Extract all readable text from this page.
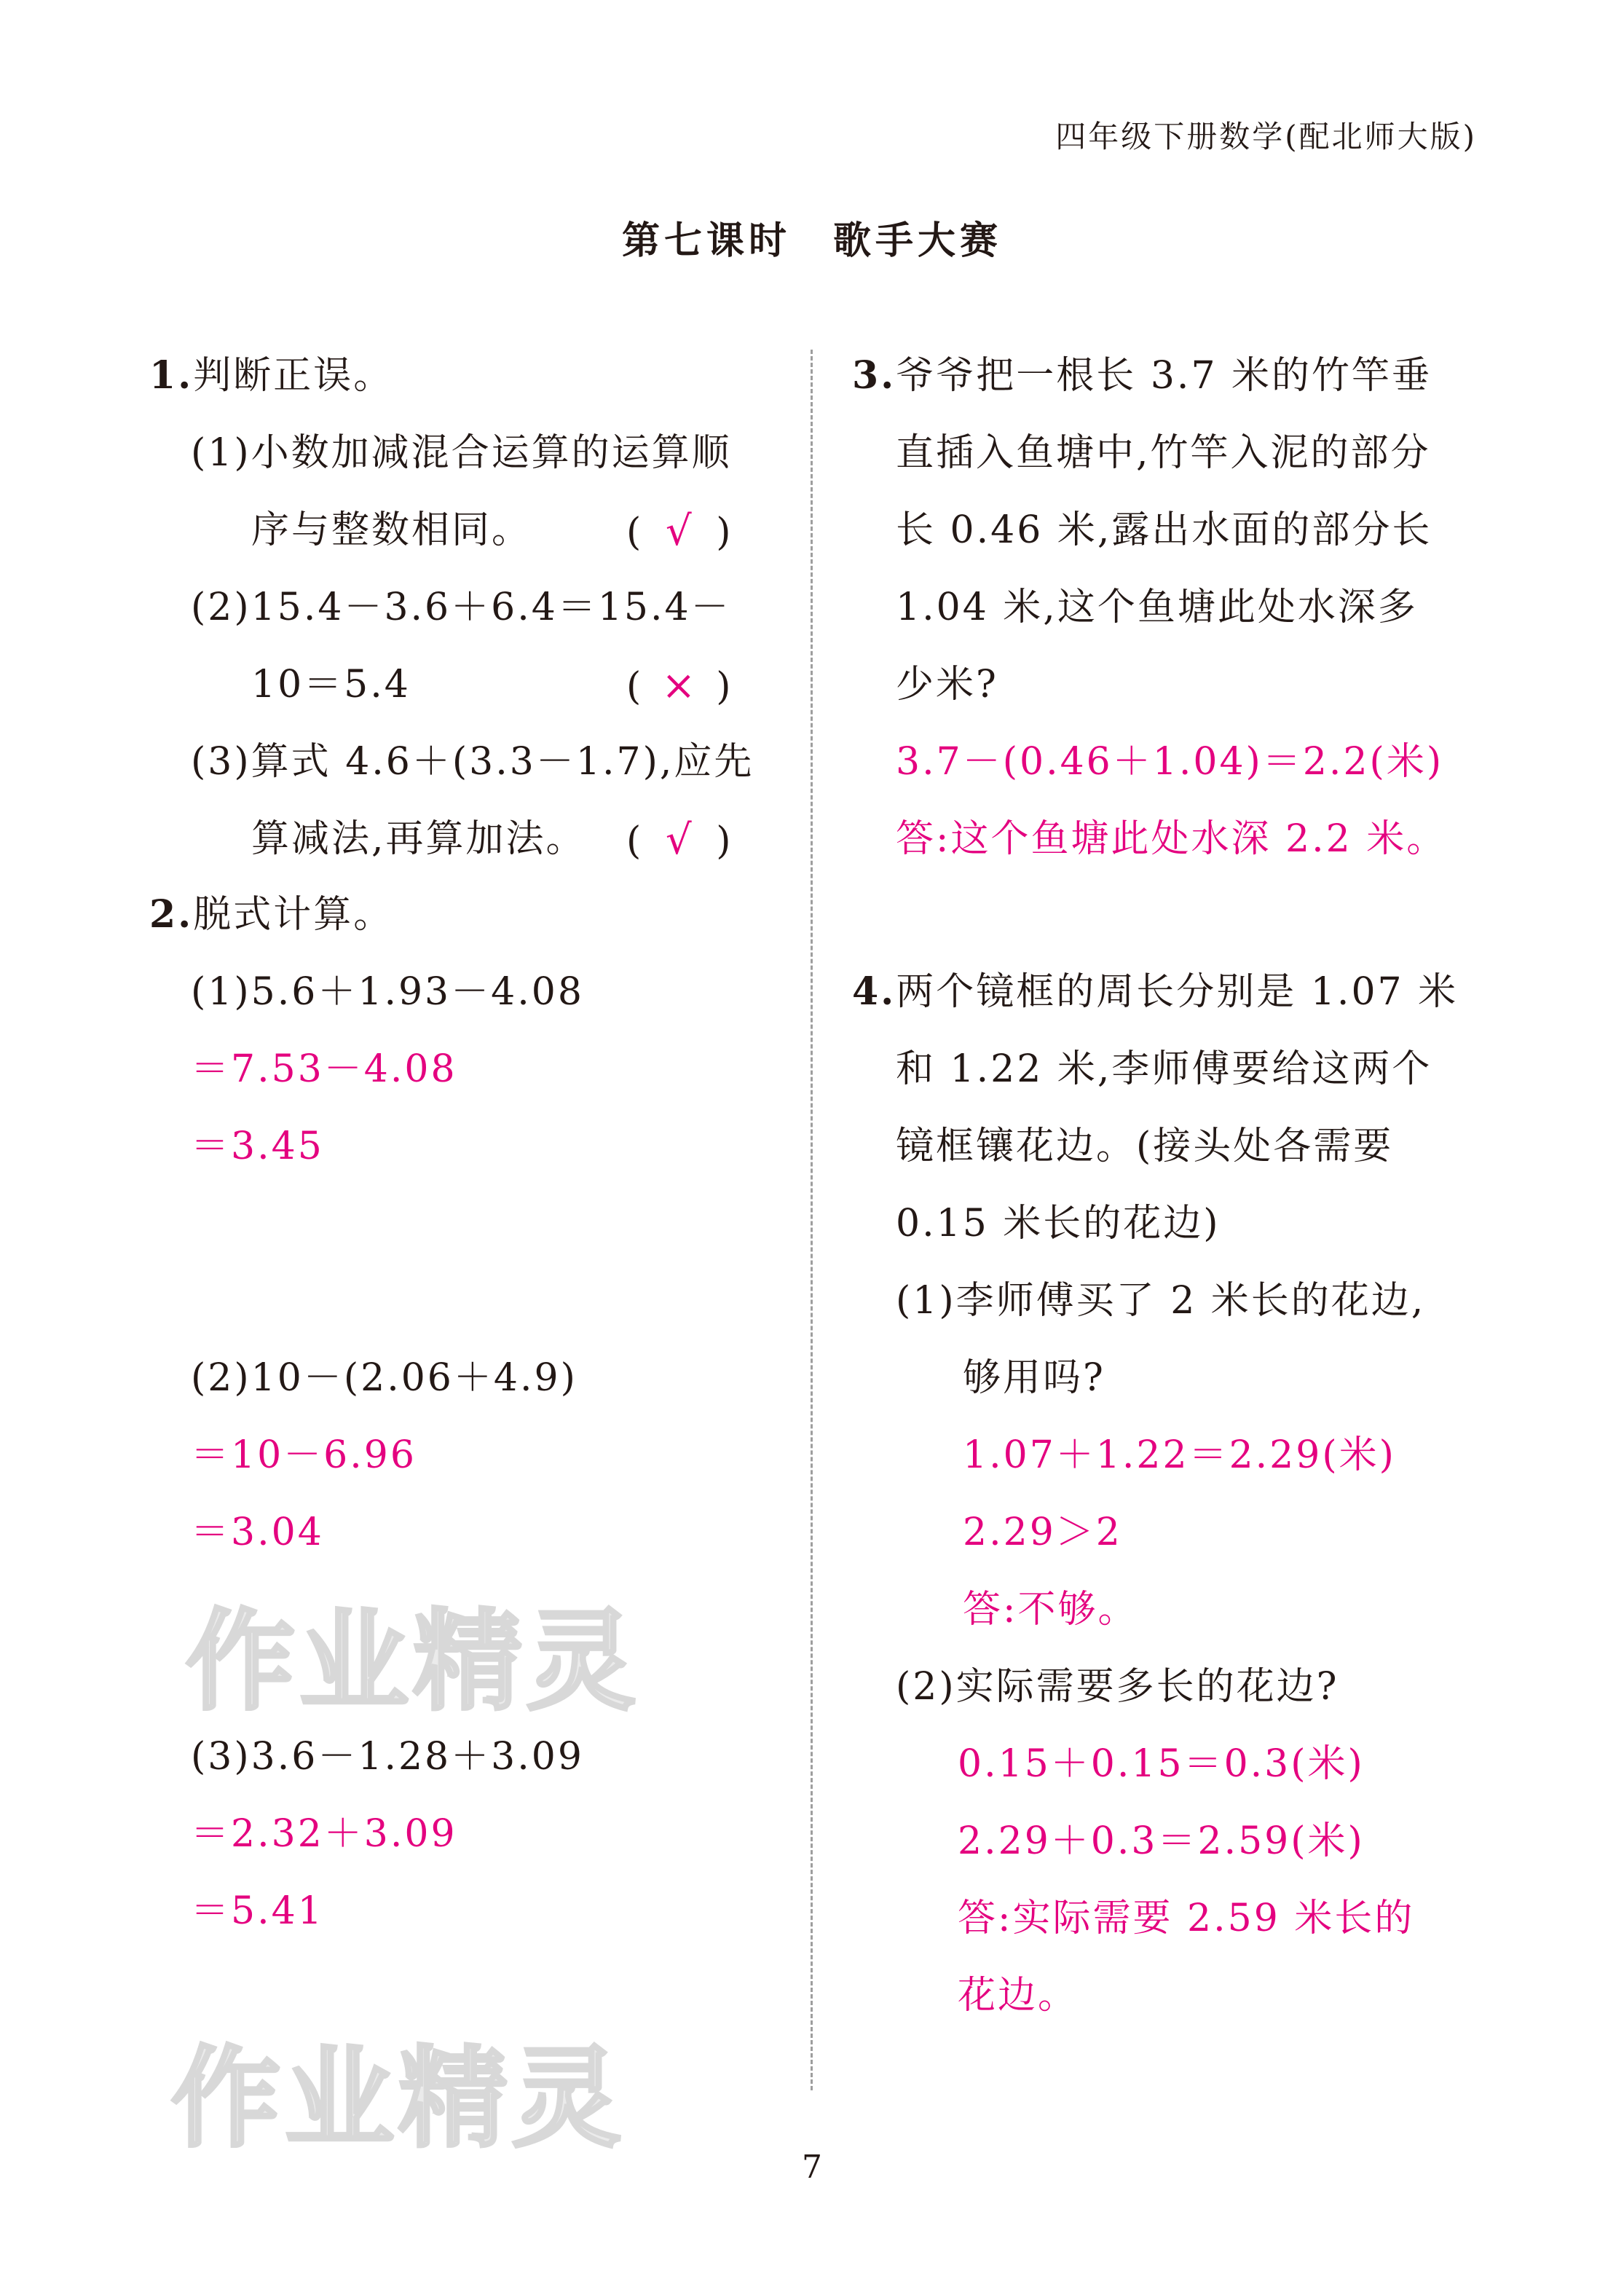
四年级下册数学(配北师大版)
第七课时　歌手大赛
1.判断正误。
(1)小数加减混合运算的运算顺
序与整数相同。 ( √ )
(2)15.4－3.6＋6.4＝15.4－
10＝5.4	( × )
(3)算式 4.6＋(3.3－1.7),应先
算减法,再算加法。 ( √ )
2.脱式计算。
(1)5.6＋1.93－4.08
＝7.53－4.08
＝3.45
(2)10－(2.06＋4.9)
＝10－6.96
＝3.04
作业精灵
(3)3.6－1.28＋3.09
＝2.32＋3.09
＝5.41
作业精灵
3.爷爷把一根长 3.7 米的竹竿垂
直插入鱼塘中,竹竿入泥的部分
长 0.46 米,露出水面的部分长
1.04 米,这个鱼塘此处水深多
少米?
3.7－(0.46＋1.04)＝2.2(米)
答:这个鱼塘此处水深 2.2 米。
4.两个镜框的周长分别是 1.07 米
和 1.22 米,李师傅要给这两个
镜框镶花边。(接头处各需要
0.15 米长的花边)
(1)李师傅买了 2 米长的花边,
够用吗?
1.07＋1.22＝2.29(米)
2.29＞2
答:不够。
(2)实际需要多长的花边?
0.15＋0.15＝0.3(米)
2.29＋0.3＝2.59(米)
答:实际需要 2.59 米长的
花边。
7
